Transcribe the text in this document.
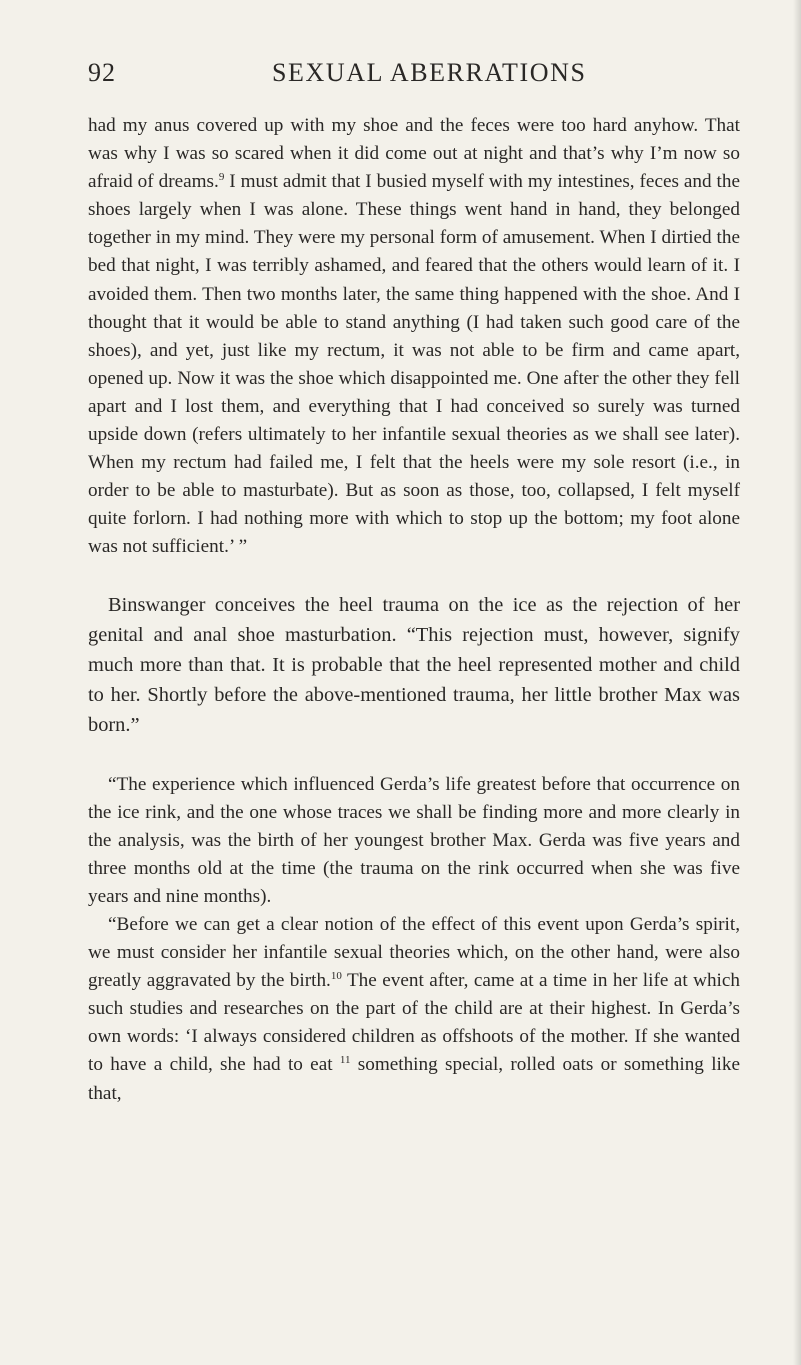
92	SEXUAL ABERRATIONS

had my anus covered up with my shoe and the feces were too hard anyhow. That was why I was so scared when it did come out at night and that’s why I’m now so afraid of dreams.$^9$ I must admit that I busied myself with my intestines, feces and the shoes largely when I was alone. These things went hand in hand, they belonged together in my mind. They were my personal form of amusement. When I dirtied the bed that night, I was terribly ashamed, and feared that the others would learn of it. I avoided them. Then two months later, the same thing happened with the shoe. And I thought that it would be able to stand anything (I had taken such good care of the shoes), and yet, just like my rectum, it was not able to be firm and came apart, opened up. Now it was the shoe which disappointed me. One after the other they fell apart and I lost them, and everything that I had conceived so surely was turned upside down (refers ultimately to her infantile sexual theories as we shall see later). When my rectum had failed me, I felt that the heels were my sole resort (i.e., in order to be able to masturbate). But as soon as those, too, collapsed, I felt myself quite forlorn. I had nothing more with which to stop up the bottom; my foot alone was not sufficient.’ ”

Binswanger conceives the heel trauma on the ice as the rejection of her genital and anal shoe masturbation. “This rejection must, however, signify much more than that. It is probable that the heel represented mother and child to her. Shortly before the above-mentioned trauma, her little brother Max was born.”

“The experience which influenced Gerda’s life greatest before that occurrence on the ice rink, and the one whose traces we shall be finding more and more clearly in the analysis, was the birth of her youngest brother Max. Gerda was five years and three months old at the time (the trauma on the rink occurred when she was five years and nine months).

“Before we can get a clear notion of the effect of this event upon Gerda’s spirit, we must consider her infantile sexual theories which, on the other hand, were also greatly aggravated by the birth.$^{10}$ The event after, came at a time in her life at which such studies and researches on the part of the child are at their highest. In Gerda’s own words: ‘I always considered children as offshoots of the mother. If she wanted to have a child, she had to eat $^{11}$ something special, rolled oats or something like that,
